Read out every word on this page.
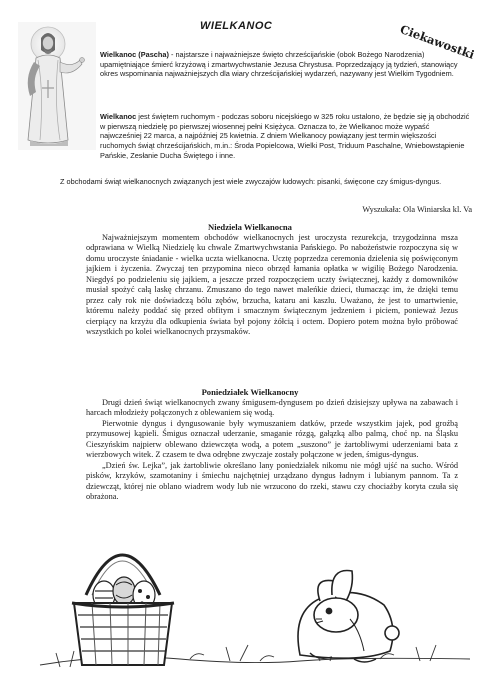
WIELKANOC	Ciekawostki
Wielkanoc (Pascha) - najstarsze i najważniejsze święto chrześcijańskie (obok Bożego Narodzenia) upamiętniające śmierć krzyżową i zmartwychwstanie Jezusa Chrystusa. Poprzedzający ją tydzień, stanowiący okres wspominania najważniejszych dla wiary chrześcijańskiej wydarzeń, nazywany jest Wielkim Tygodniem.
Wielkanoc jest świętem ruchomym - podczas soboru nicejskiego w 325 roku ustalono, że będzie się ją obchodzić w pierwszą niedzielę po pierwszej wiosennej pełni Księżyca. Oznacza to, że Wielkanoc może wypaść najwcześniej 22 marca, a najpóźniej 25 kwietnia. Z dniem Wielkanocy powiązany jest termin większości ruchomych świąt chrześcijańskich, m.in.: Środa Popielcowa, Wielki Post, Triduum Paschalne, Wniebowstąpienie Pańskie, Zesłanie Ducha Świętego i inne.
Z obchodami świąt wielkanocnych związanych jest wiele zwyczajów ludowych: pisanki, święcone czy śmigus-dyngus.
Wyszukała: Ola Winiarska kl. Va
Niedziela Wielkanocna

Najważniejszym momentem obchodów wielkanocnych jest uroczysta rezurekcja, trzygodzinna msza odprawiana w Wielką Niedzielę ku chwale Zmartwychwstania Pańskiego. Po nabożeństwie rozpoczyna się w domu uroczyste śniadanie - wielka uczta wielkanocna. Ucztę poprzedza ceremonia dzielenia się poświęconym jajkiem i życzenia. Zwyczaj ten przypomina nieco obrzęd łamania opłatka w wigilię Bożego Narodzenia. Niegdyś po podzieleniu się jajkiem, a jeszcze przed rozpoczęciem uczty świątecznej, każdy z domowników musiał spożyć całą laskę chrzanu. Zmuszano do tego nawet maleńkie dzieci, tłumacząc im, że dzięki temu przez cały rok nie doświadczą bólu zębów, brzucha, kataru ani kaszlu. Uważano, że jest to umartwienie, któremu należy poddać się przed obfitym i smacznym świątecznym jedzeniem i piciem, ponieważ Jezus cierpiący na krzyżu dla odkupienia świata był pojony żółcią i octem. Dopiero potem można było próbować wszystkich po kolei wielkanocnych przysmaków.

Poniedziałek Wielkanocny

Drugi dzień świąt wielkanocnych zwany śmigusem-dyngusem po dzień dzisiejszy upływa na zabawach i harcach młodzieży połączonych z oblewaniem się wodą.

Pierwotnie dyngus i dyngusowanie były wymuszaniem datków, przede wszystkim jajek, pod groźbą przymusowej kąpieli. Śmigus oznaczał uderzanie, smaganie rózgą, gałązką albo palmą, choć np. na Śląsku Cieszyńskim najpierw oblewano dziewczęta wodą, a potem „suszono” je żartobliwymi uderzeniami bata z wierzbowych witek. Z czasem te dwa odrębne zwyczaje zostały połączone w jeden, śmigus-dyngus.

„Dzień św. Lejka”, jak żartobliwie określano lany poniedziałek nikomu nie mógł ujść na sucho. Wśród pisków, krzyków, szamotaniny i śmiechu najchętniej urządzano dyngus ładnym i lubianym pannom. Ta z dziewcząt, której nie oblano wiadrem wody lub nie wrzucono do rzeki, stawu czy chociażby koryta czuła się obrażona.
